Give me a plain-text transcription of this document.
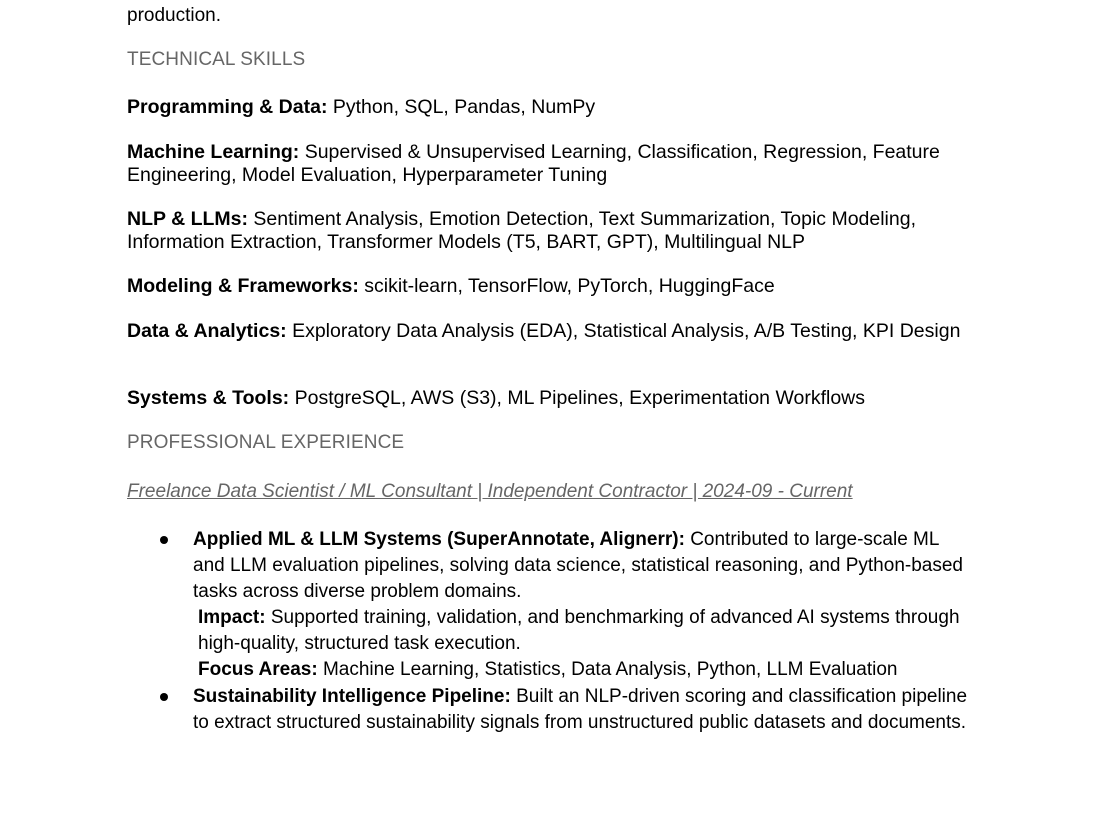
production.

TECHNICAL SKILLS
Programming & Data: Python, SQL, Pandas, NumPy
Machine Learning: Supervised & Unsupervised Learning, Classification, Regression, Feature Engineering, Model Evaluation, Hyperparameter Tuning
NLP & LLMs: Sentiment Analysis, Emotion Detection, Text Summarization, Topic Modeling, Information Extraction, Transformer Models (T5, BART, GPT), Multilingual NLP
Modeling & Frameworks: scikit-learn, TensorFlow, PyTorch, HuggingFace
Data & Analytics: Exploratory Data Analysis (EDA), Statistical Analysis, A/B Testing, KPI Design
Systems & Tools: PostgreSQL, AWS (S3), ML Pipelines, Experimentation Workflows
PROFESSIONAL EXPERIENCE
Freelance Data Scientist / ML Consultant | Independent Contractor | 2024-09 - Current
Applied ML & LLM Systems (SuperAnnotate, Alignerr): Contributed to large-scale ML and LLM evaluation pipelines, solving data science, statistical reasoning, and Python-based tasks across diverse problem domains.
Impact: Supported training, validation, and benchmarking of advanced AI systems through high-quality, structured task execution.
Focus Areas: Machine Learning, Statistics, Data Analysis, Python, LLM Evaluation
Sustainability Intelligence Pipeline: Built an NLP-driven scoring and classification pipeline to extract structured sustainability signals from unstructured public datasets and documents.
